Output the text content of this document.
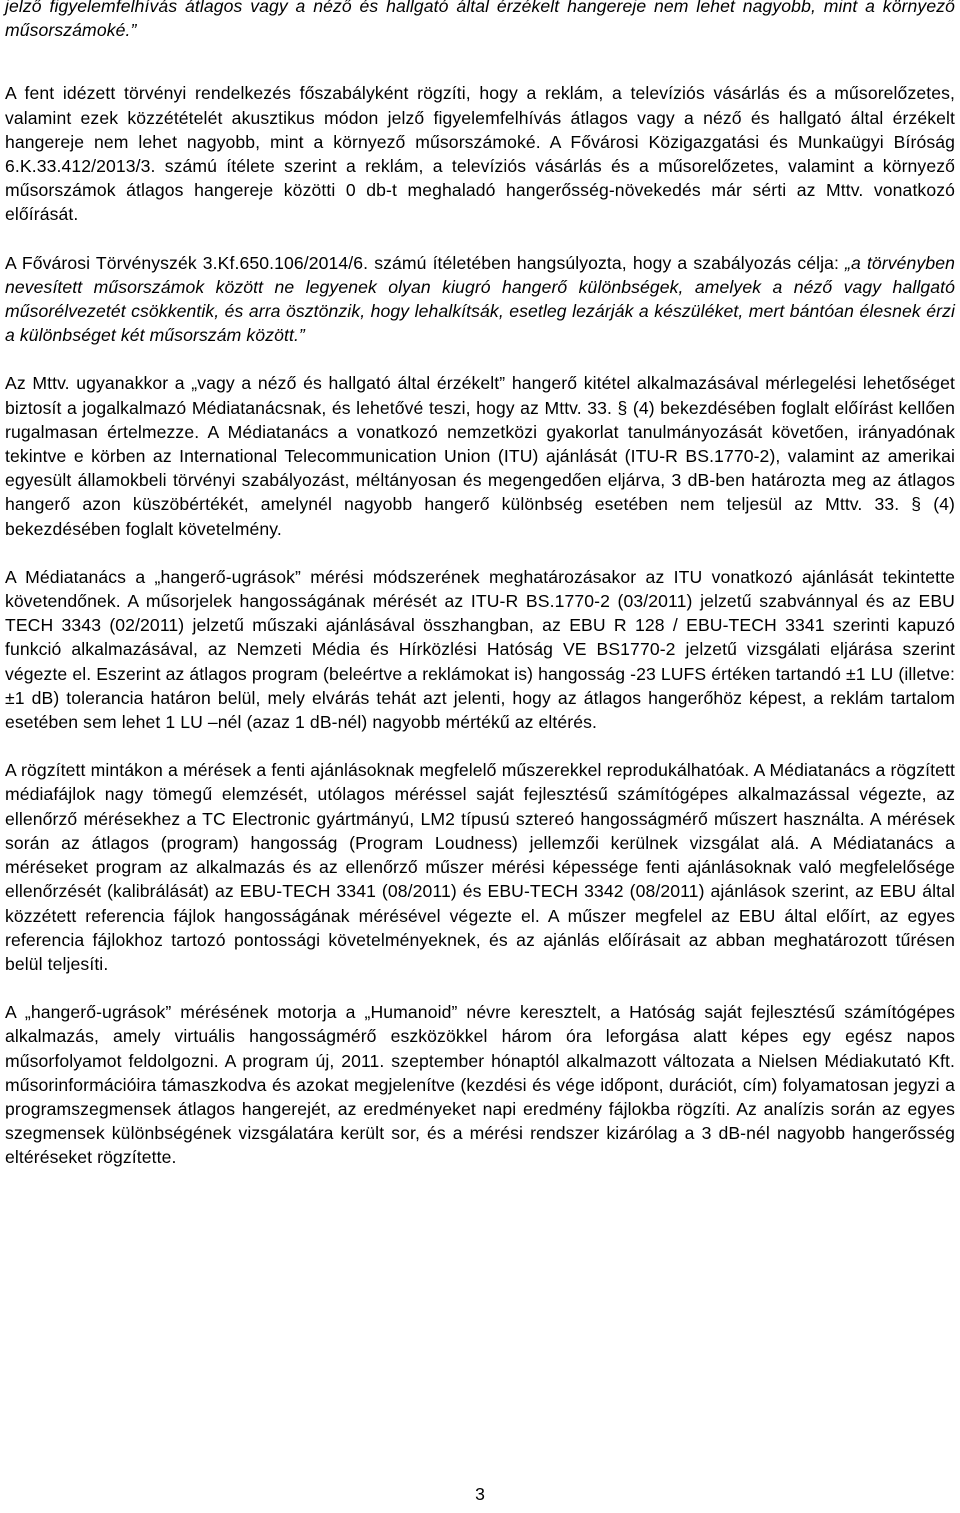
jelző figyelemfelhívás átlagos vagy a néző és hallgató által érzékelt hangereje nem lehet nagyobb, mint a környező műsorszámoké.”

A fent idézett törvényi rendelkezés főszabályként rögzíti, hogy a reklám, a televíziós vásárlás és a műsorelőzetes, valamint ezek közzétételét akusztikus módon jelző figyelemfelhívás átlagos vagy a néző és hallgató által érzékelt hangereje nem lehet nagyobb, mint a környező műsorszámoké. A Fővárosi Közigazgatási és Munkaügyi Bíróság 6.K.33.412/2013/3. számú ítélete szerint a reklám, a televíziós vásárlás és a műsorelőzetes, valamint a környező műsorszámok átlagos hangereje közötti 0 db-t meghaladó hangerősség-növekedés már sérti az Mttv. vonatkozó előírását.

A Fővárosi Törvényszék 3.Kf.650.106/2014/6. számú ítéletében hangsúlyozta, hogy a szabályozás célja: „a törvényben nevesített műsorszámok között ne legyenek olyan kiugró hangerő különbségek, amelyek a néző vagy hallgató műsorélvezetét csökkentik, és arra ösztönzik, hogy lehalkítsák, esetleg lezárják a készüléket, mert bántóan élesnek érzi a különbséget két műsorszám között.”

Az Mttv. ugyanakkor a „vagy a néző és hallgató által érzékelt” hangerő kitétel alkalmazásával mérlegelési lehetőséget biztosít a jogalkalmazó Médiatanácsnak, és lehetővé teszi, hogy az Mttv. 33. § (4) bekezdésében foglalt előírást kellően rugalmasan értelmezze. A Médiatanács a vonatkozó nemzetközi gyakorlat tanulmányozását követően, irányadónak tekintve e körben az International Telecommunication Union (ITU) ajánlását (ITU-R BS.1770-2), valamint az amerikai egyesült államokbeli törvényi szabályozást, méltányosan és megengedően eljárva, 3 dB-ben határozta meg az átlagos hangerő azon küszöbértékét, amelynél nagyobb hangerő különbség esetében nem teljesül az Mttv. 33. § (4) bekezdésében foglalt követelmény.

A Médiatanács a „hangerő-ugrások” mérési módszerének meghatározásakor az ITU vonatkozó ajánlását tekintette követendőnek. A műsorjelek hangosságának mérését az ITU-R BS.1770-2 (03/2011) jelzetű szabvánnyal és az EBU TECH 3343 (02/2011) jelzetű műszaki ajánlásával összhangban, az EBU R 128 / EBU-TECH 3341 szerinti kapuzó funkció alkalmazásával, az Nemzeti Média és Hírközlési Hatóság VE BS1770-2 jelzetű vizsgálati eljárása szerint végezte el. Eszerint az átlagos program (beleértve a reklámokat is) hangosság -23 LUFS értéken tartandó ±1 LU (illetve: ±1 dB) tolerancia határon belül, mely elvárás tehát azt jelenti, hogy az átlagos hangerőhöz képest, a reklám tartalom esetében sem lehet 1 LU –nél (azaz 1 dB-nél) nagyobb mértékű az eltérés.

A rögzített mintákon a mérések a fenti ajánlásoknak megfelelő műszerekkel reprodukálhatóak. A Médiatanács a rögzített médiafájlok nagy tömegű elemzését, utólagos méréssel saját fejlesztésű számítógépes alkalmazással végezte, az ellenőrző mérésekhez a TC Electronic gyártmányú, LM2 típusú sztereó hangosságmérő műszert használta. A mérések során az átlagos (program) hangosság (Program Loudness) jellemzői kerülnek vizsgálat alá. A Médiatanács a méréseket program az alkalmazás és az ellenőrző műszer mérési képessége fenti ajánlásoknak való megfelelősége ellenőrzését (kalibrálását) az EBU-TECH 3341 (08/2011) és EBU-TECH 3342 (08/2011) ajánlások szerint, az EBU által közzétett referencia fájlok hangosságának mérésével végezte el. A műszer megfelel az EBU által előírt, az egyes referencia fájlokhoz tartozó pontossági követelményeknek, és az ajánlás előírásait az abban meghatározott tűrésen belül teljesíti.

A „hangerő-ugrások” mérésének motorja a „Humanoid” névre keresztelt, a Hatóság saját fejlesztésű számítógépes alkalmazás, amely virtuális hangosságmérő eszközökkel három óra leforgása alatt képes egy egész napos műsorfolyamot feldolgozni. A program új, 2011. szeptember hónaptól alkalmazott változata a Nielsen Médiakutató Kft. műsorinformációira támaszkodva és azokat megjelenítve (kezdési és vége időpont, durációt, cím) folyamatosan jegyzi a programszegmensek átlagos hangerejét, az eredményeket napi eredmény fájlokba rögzíti. Az analízis során az egyes szegmensek különbségének vizsgálatára került sor, és a mérési rendszer kizárólag a 3 dB-nél nagyobb hangerősség eltéréseket rögzítette.

3
